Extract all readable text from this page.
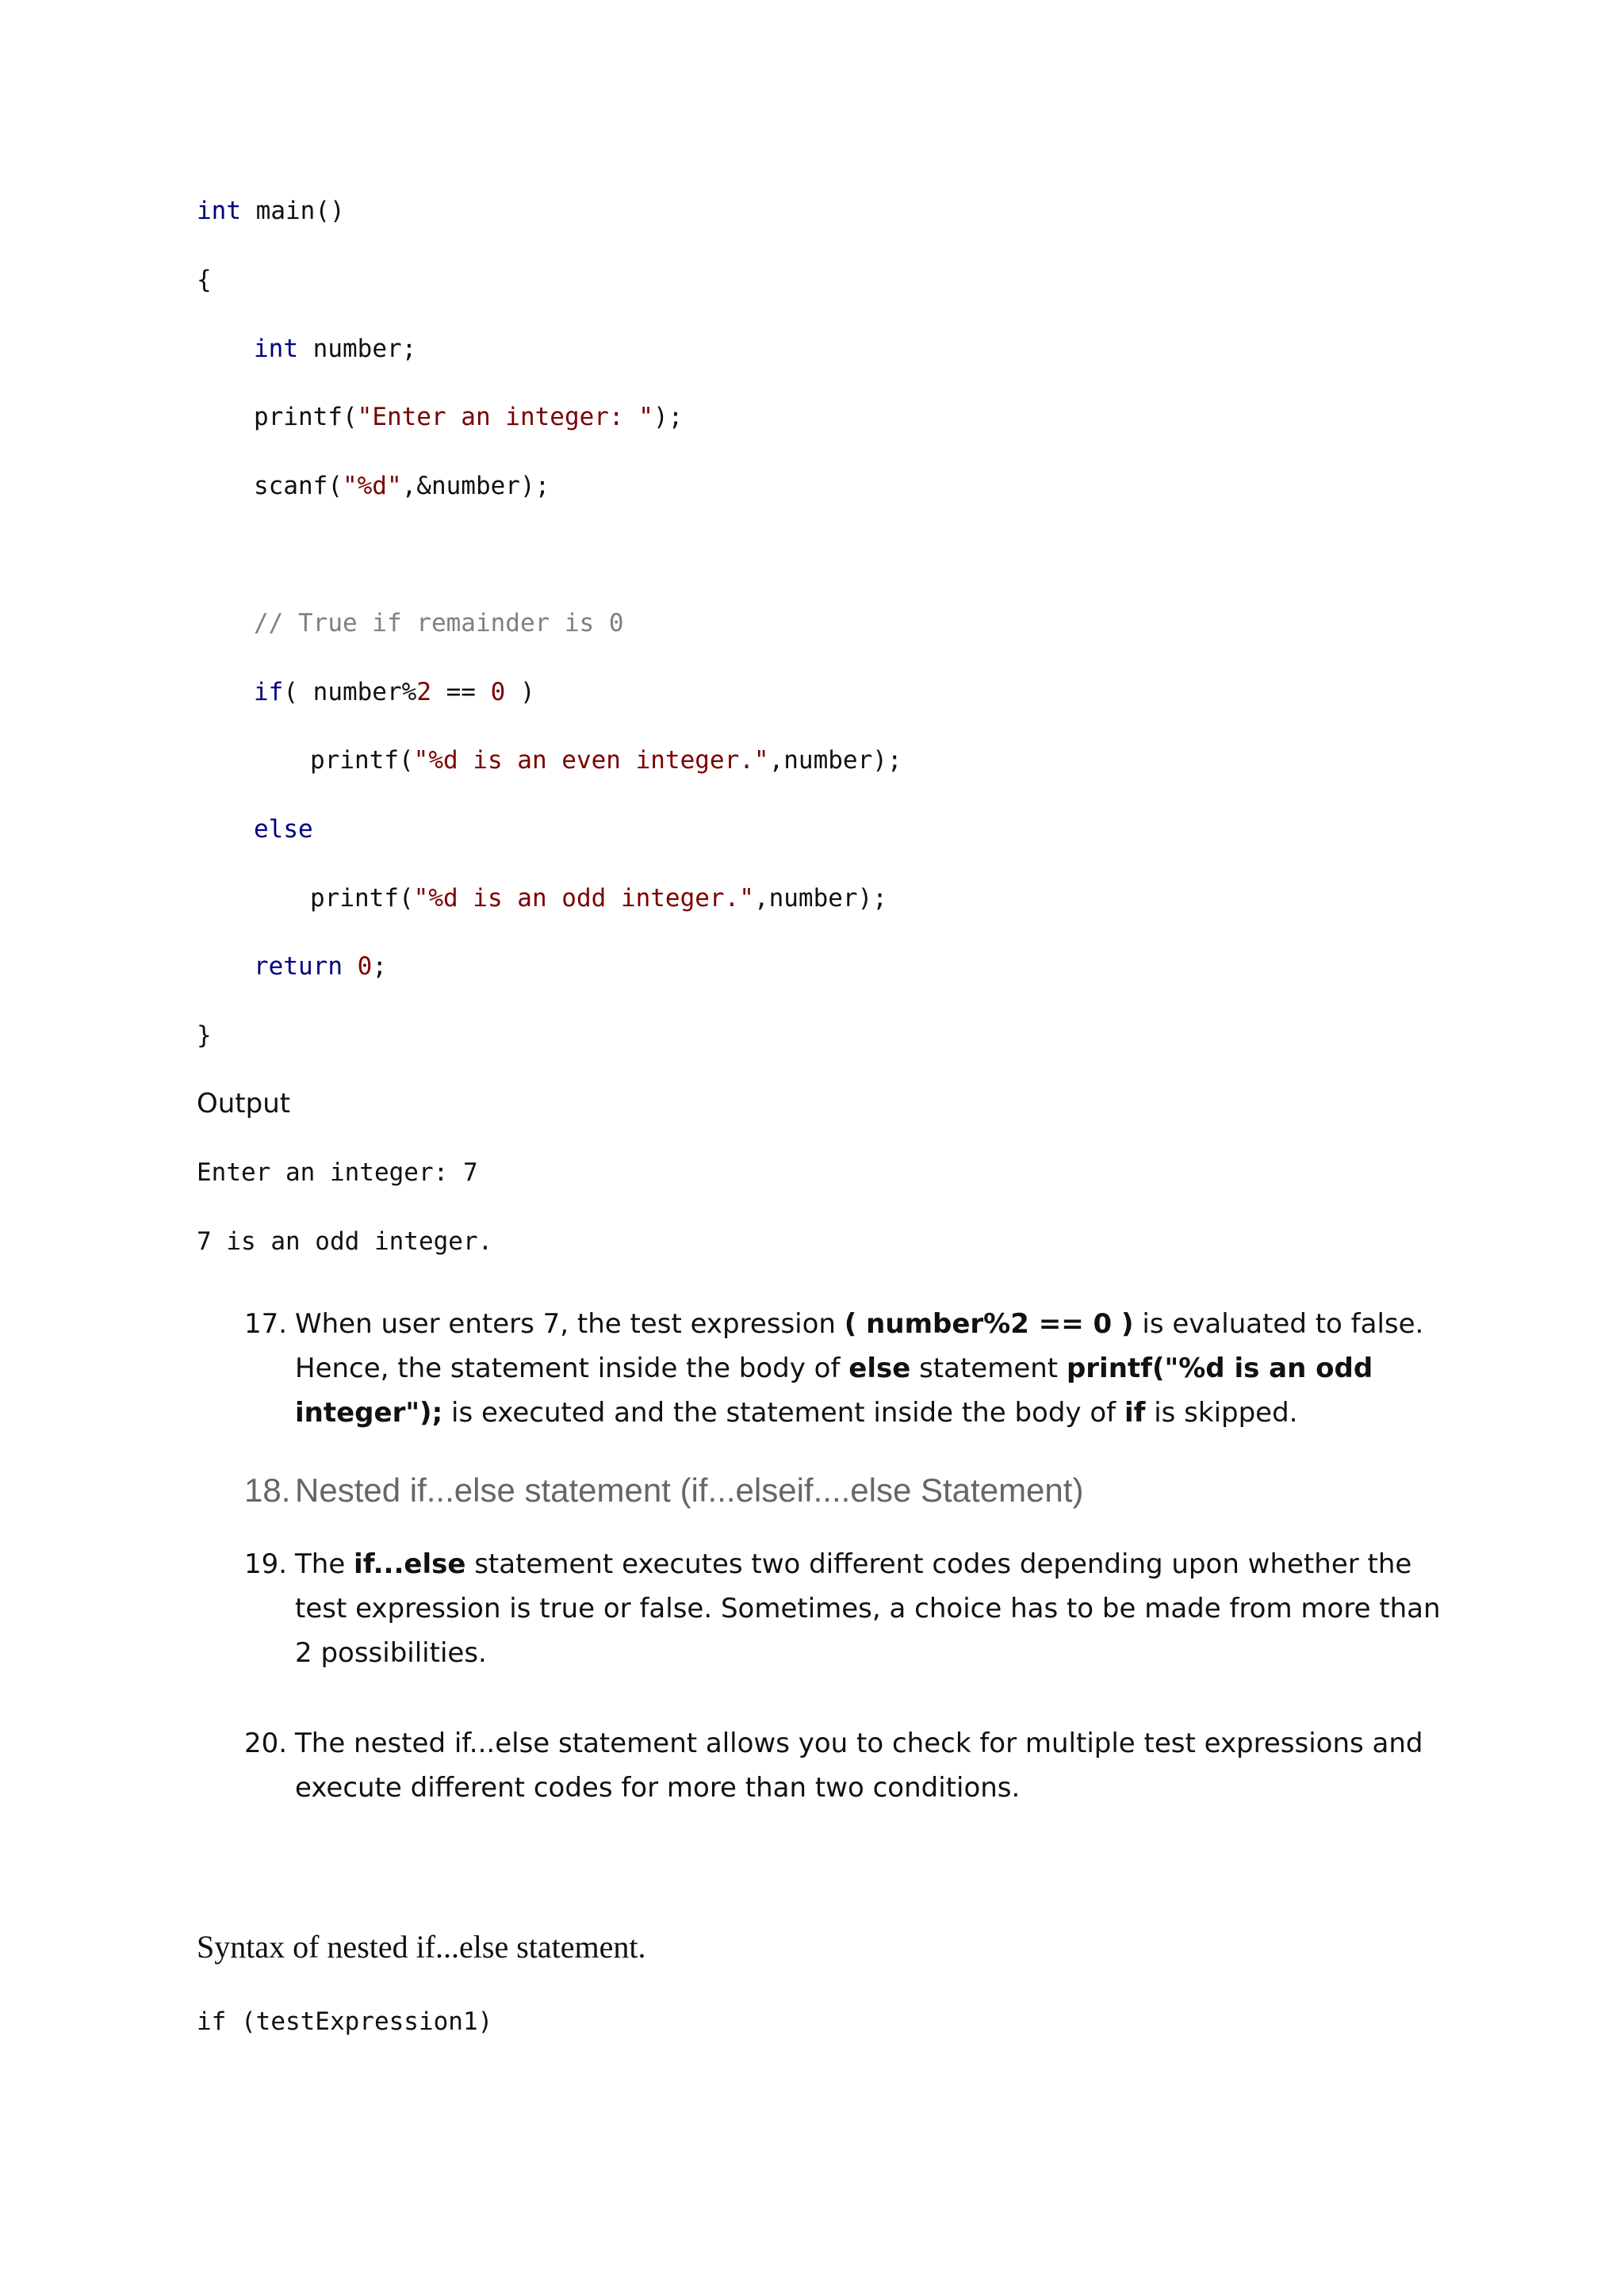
int main()
{
int number;
printf("Enter an integer: ");
scanf("%d",&number);
// True if remainder is 0
if( number%2 == 0 )
printf("%d is an even integer.",number);
else
printf("%d is an odd integer.",number);
return 0;
}
Output
Enter an integer: 7
7 is an odd integer.
17. When user enters 7, the test expression ( number%2 == 0 ) is evaluated to false. Hence, the statement inside the body of else statement printf("%d is an odd integer"); is executed and the statement inside the body of if is skipped.
18. Nested if...else statement (if...elseif....else Statement)
19. The if...else statement executes two different codes depending upon whether the test expression is true or false. Sometimes, a choice has to be made from more than 2 possibilities.
20. The nested if...else statement allows you to check for multiple test expressions and execute different codes for more than two conditions.
Syntax of nested if...else statement.
if (testExpression1)
